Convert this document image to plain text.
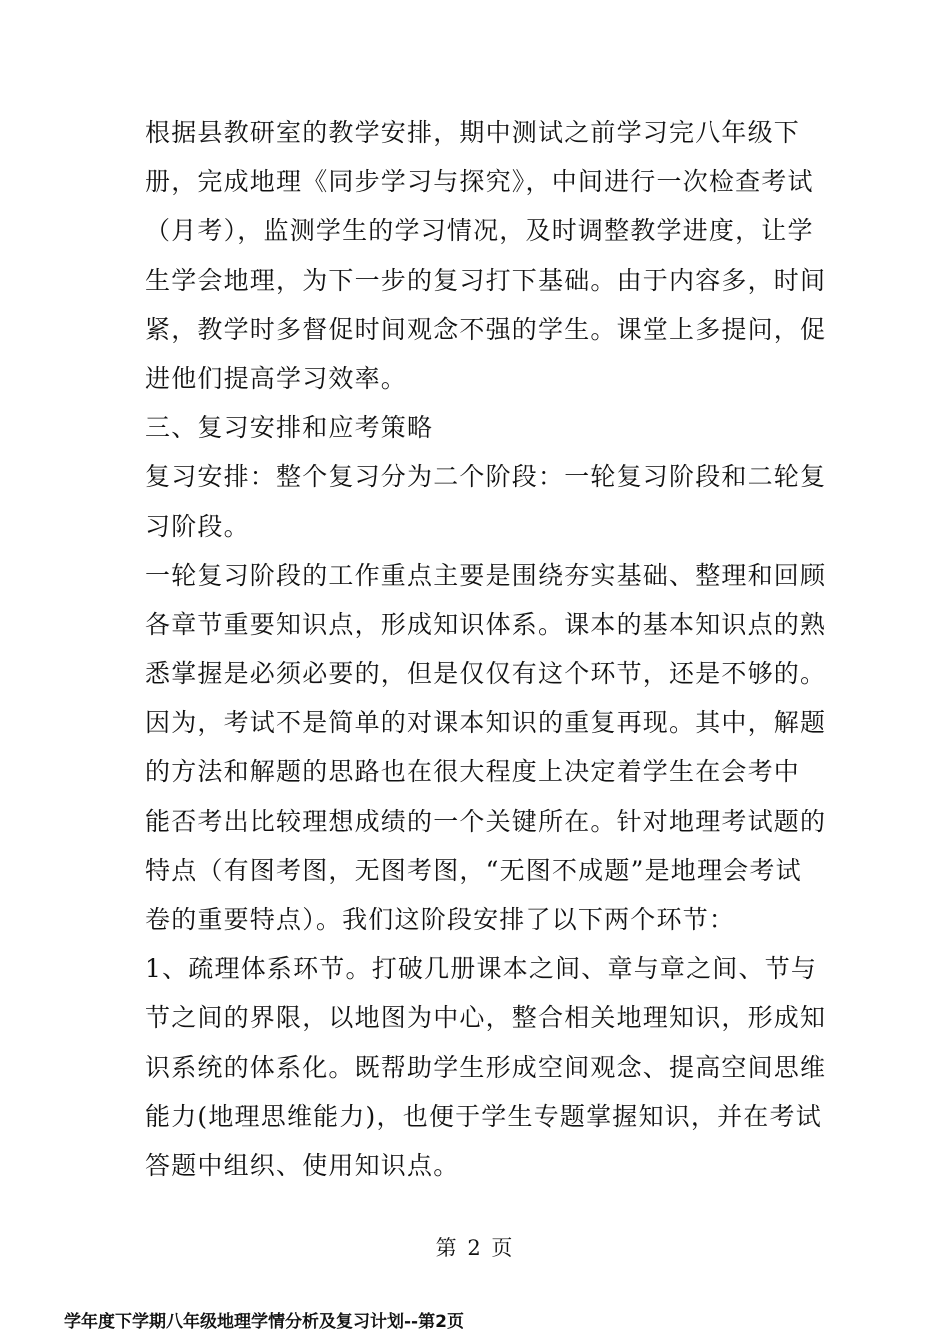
根据县教研室的教学安排，期中测试之前学习完八年级下
册，完成地理《同步学习与探究》，中间进行一次检查考试
（月考），监测学生的学习情况，及时调整教学进度，让学
生学会地理，为下一步的复习打下基础。由于内容多，时间
紧，教学时多督促时间观念不强的学生。课堂上多提问，促
进他们提高学习效率。
三、复习安排和应考策略
复习安排：整个复习分为二个阶段：一轮复习阶段和二轮复
习阶段。
一轮复习阶段的工作重点主要是围绕夯实基础、整理和回顾
各章节重要知识点，形成知识体系。课本的基本知识点的熟
悉掌握是必须必要的，但是仅仅有这个环节，还是不够的。
因为，考试不是简单的对课本知识的重复再现。其中，解题
的方法和解题的思路也在很大程度上决定着学生在会考中
能否考出比较理想成绩的一个关键所在。针对地理考试题的
特点（有图考图，无图考图，“无图不成题”是地理会考试
卷的重要特点）。我们这阶段安排了以下两个环节：
1、疏理体系环节。打破几册课本之间、章与章之间、节与
节之间的界限，以地图为中心，整合相关地理知识，形成知
识系统的体系化。既帮助学生形成空间观念、提高空间思维
能力(地理思维能力)，也便于学生专题掌握知识，并在考试
答题中组织、使用知识点。
第 2 页
学年度下学期八年级地理学情分析及复习计划--第2页
